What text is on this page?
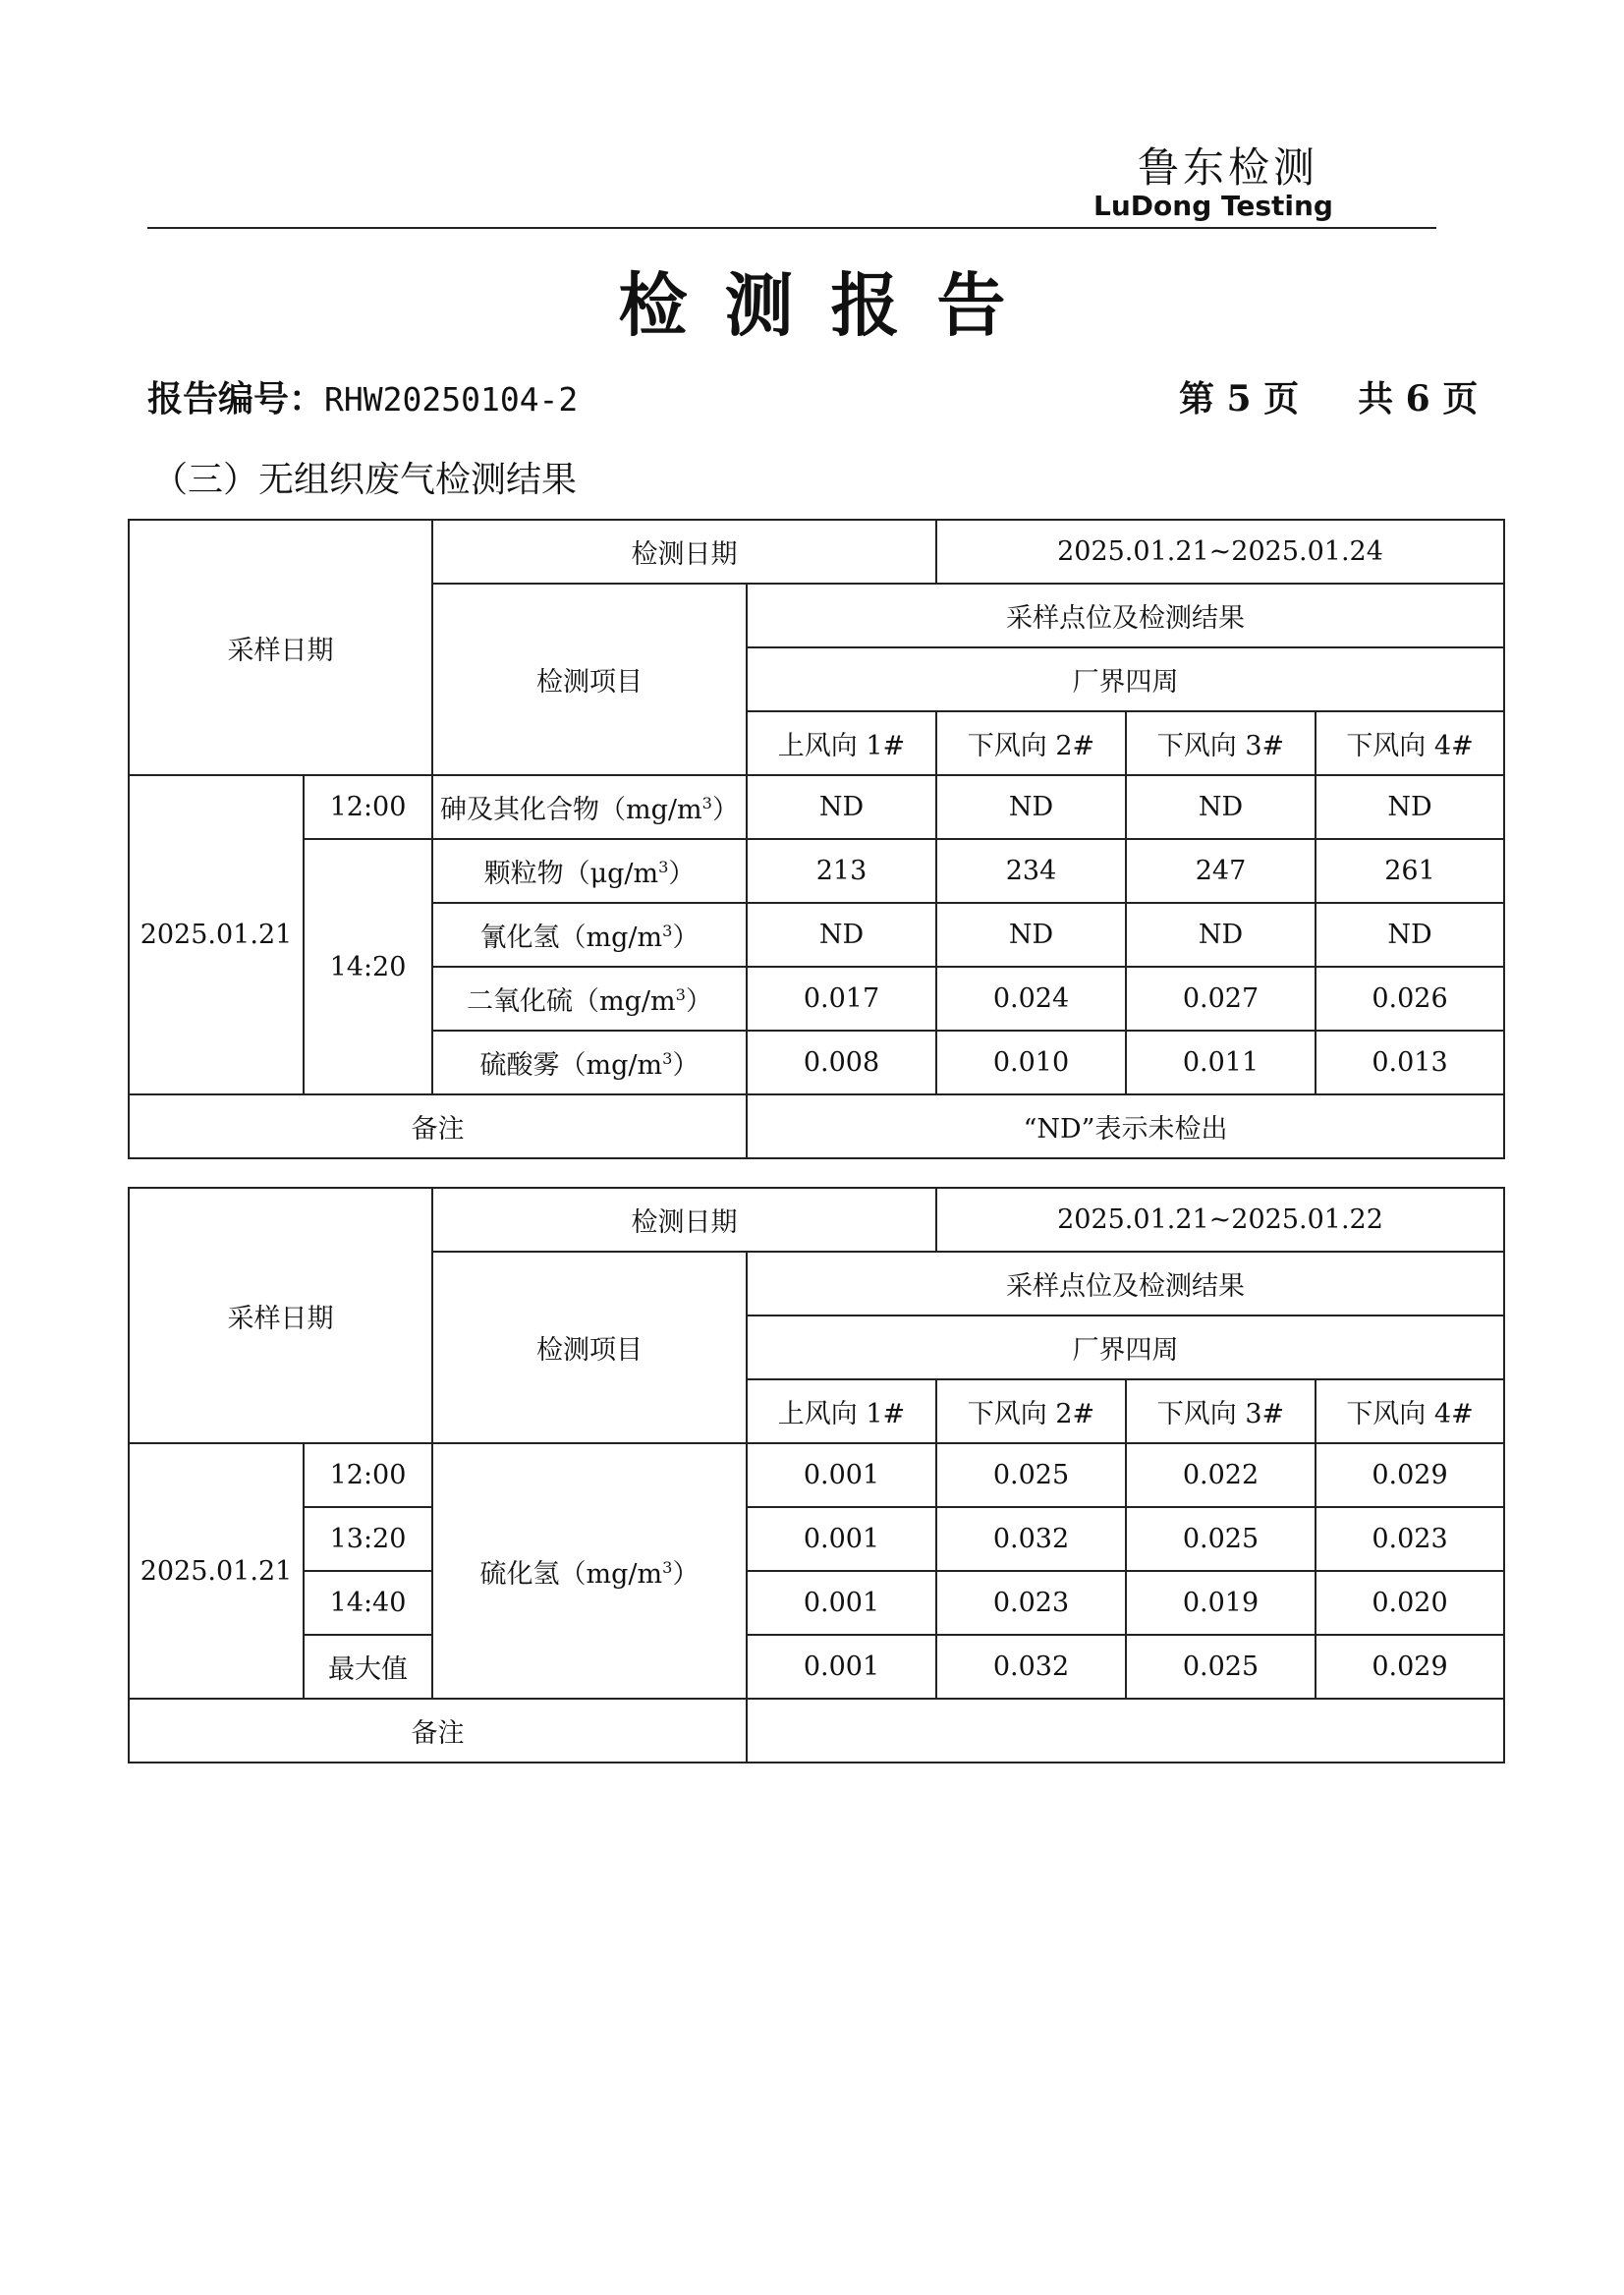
鲁东检测
LuDong Testing
检测报告
报告编号：RHW20250104-2	第 5 页 共 6 页
（三）无组织废气检测结果
采样日期		检测日期		2025.01.21~2025.01.24		
		检测项目	采样点位及检测结果			
			厂界四周			
			上风向 1#	下风向 2#	下风向 3#	下风向 4#
2025.01.21	12:00	砷及其化合物$(mg/m^3)$	ND	ND	ND	ND
	14:20	颗粒物$(\mu g/m^3)$	213	234	247	261
		氰化氢$(mg/m^3)$	ND	ND	ND	ND
		二氧化硫$(mg/m^3)$	0.017	0.024	0.027	0.026
		硫酸雾$(mg/m^3)$	0.008	0.010	0.011	0.013
备注			“ND”表示未检出			
采样日期		检测日期		2025.01.21~2025.01.22		
		检测项目	采样点位及检测结果			
			厂界四周			
			上风向 1#	下风向 2#	下风向 3#	下风向 4#
2025.01.21	12:00	硫化氢$(mg/m^3)$	0.001	0.025	0.022	0.029
	13:20		0.001	0.032	0.025	0.023
	14:40		0.001	0.023	0.019	0.020
	最大值		0.001	0.032	0.025	0.029
备注						
